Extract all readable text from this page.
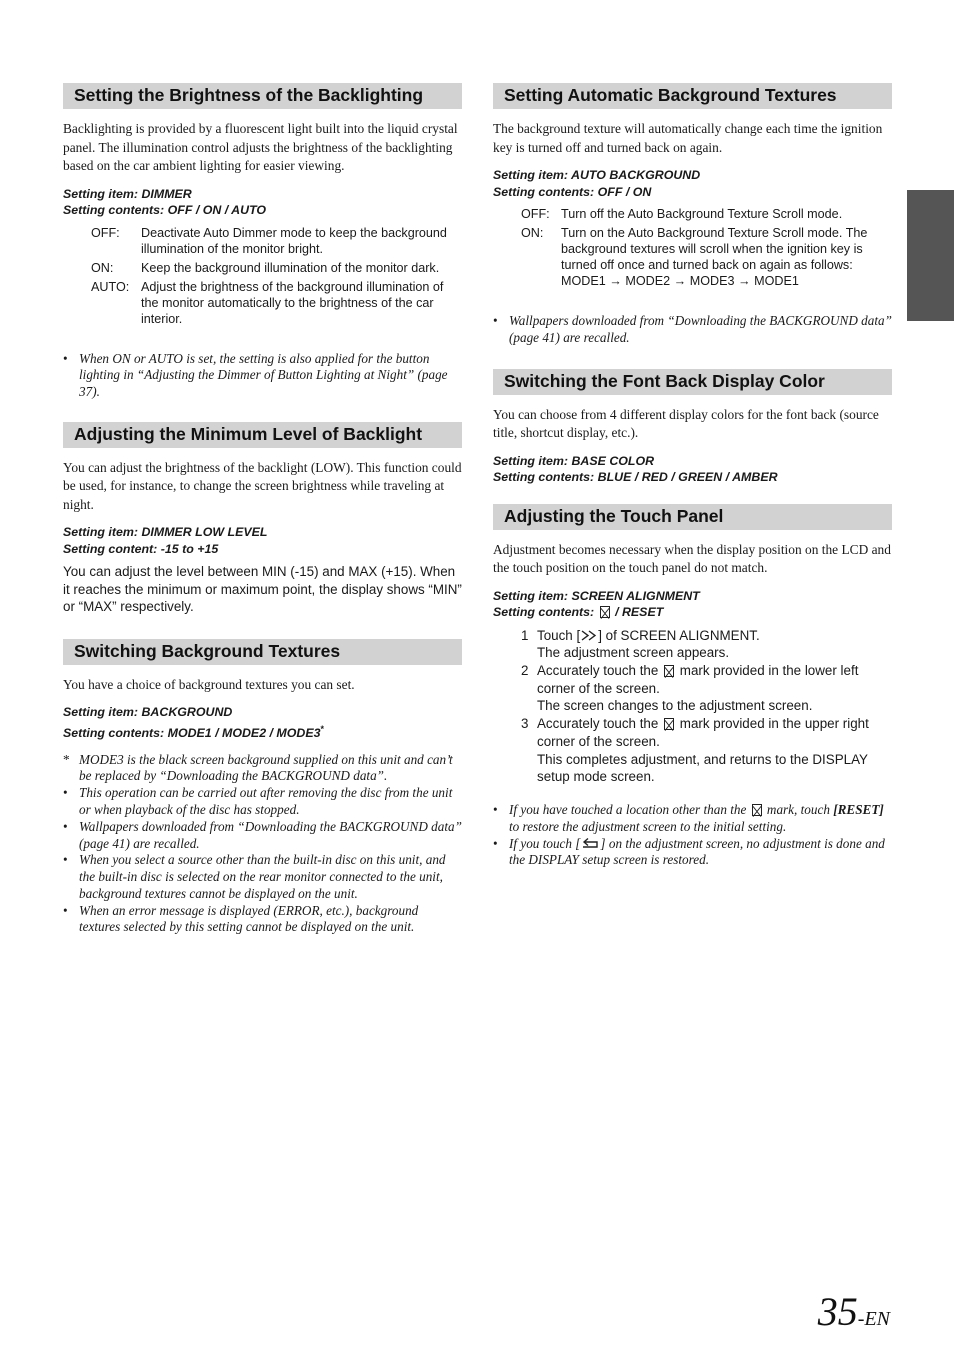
Setting the Brightness of the Backlighting

Backlighting is provided by a fluorescent light built into the liquid crystal panel. The illumination control adjusts the brightness of the backlighting based on the car ambient lighting for easier viewing.

Setting item: DIMMER
Setting contents: OFF / ON / AUTO
OFF:	Deactivate Auto Dimmer mode to keep the background illumination of the monitor bright.
ON:	Keep the background illumination of the monitor dark.
AUTO: Adjust the brightness of the background illumination of the monitor automatically to the brightness of the car interior.
• When ON or AUTO is set, the setting is also applied for the button lighting in “Adjusting the Dimmer of Button Lighting at Night” (page 37).
Adjusting the Minimum Level of Backlight

You can adjust the brightness of the backlight (LOW). This function could be used, for instance, to change the screen brightness while traveling at night.

Setting item: DIMMER LOW LEVEL
Setting content: -15 to +15

You can adjust the level between MIN (-15) and MAX (+15). When it reaches the minimum or maximum point, the display shows “MIN” or “MAX” respectively.

Switching Background Textures

You have a choice of background textures you can set.

Setting item: BACKGROUND
Setting contents: MODE1 / MODE2 / MODE3*
* MODE3 is the black screen background supplied on this unit and can’t be replaced by “Downloading the BACKGROUND data”.
• This operation can be carried out after removing the disc from the unit or when playback of the disc has stopped.
• Wallpapers downloaded from “Downloading the BACKGROUND data” (page 41) are recalled.
• When you select a source other than the built-in disc on this unit, and the built-in disc is selected on the rear monitor connected to the unit, background textures cannot be displayed on the unit.
• When an error message is displayed (ERROR, etc.), background textures selected by this setting cannot be displayed on the unit.
Setting Automatic Background Textures

The background texture will automatically change each time the ignition key is turned off and turned back on again.

Setting item: AUTO BACKGROUND
Setting contents: OFF / ON
OFF: Turn off the Auto Background Texture Scroll mode.
ON:	Turn on the Auto Background Texture Scroll mode. The background textures will scroll when the ignition key is turned off once and turned back on again as follows:
MODE1 → MODE2 → MODE3 → MODE1
• Wallpapers downloaded from “Downloading the BACKGROUND data” (page 41) are recalled.
Switching the Font Back Display Color

You can choose from 4 different display colors for the font back (source title, shortcut display, etc.).

Setting item: BASE COLOR
Setting contents: BLUE / RED / GREEN / AMBER
Adjusting the Touch Panel

Adjustment becomes necessary when the display position on the LCD and the touch position on the touch panel do not match.

Setting item: SCREEN ALIGNMENT
Setting contents:  / RESET
1 Touch [ ] of SCREEN ALIGNMENT.
The adjustment screen appears.
2 Accurately touch the mark provided in the lower left corner of the screen.
The screen changes to the adjustment screen.
3 Accurately touch the mark provided in the upper right corner of the screen.
This completes adjustment, and returns to the DISPLAY setup mode screen.
• If you have touched a location other than the mark, touch [RESET] to restore the adjustment screen to the initial setting.
• If you touch [ ] on the adjustment screen, no adjustment is done and the DISPLAY setup screen is restored.
35-EN
